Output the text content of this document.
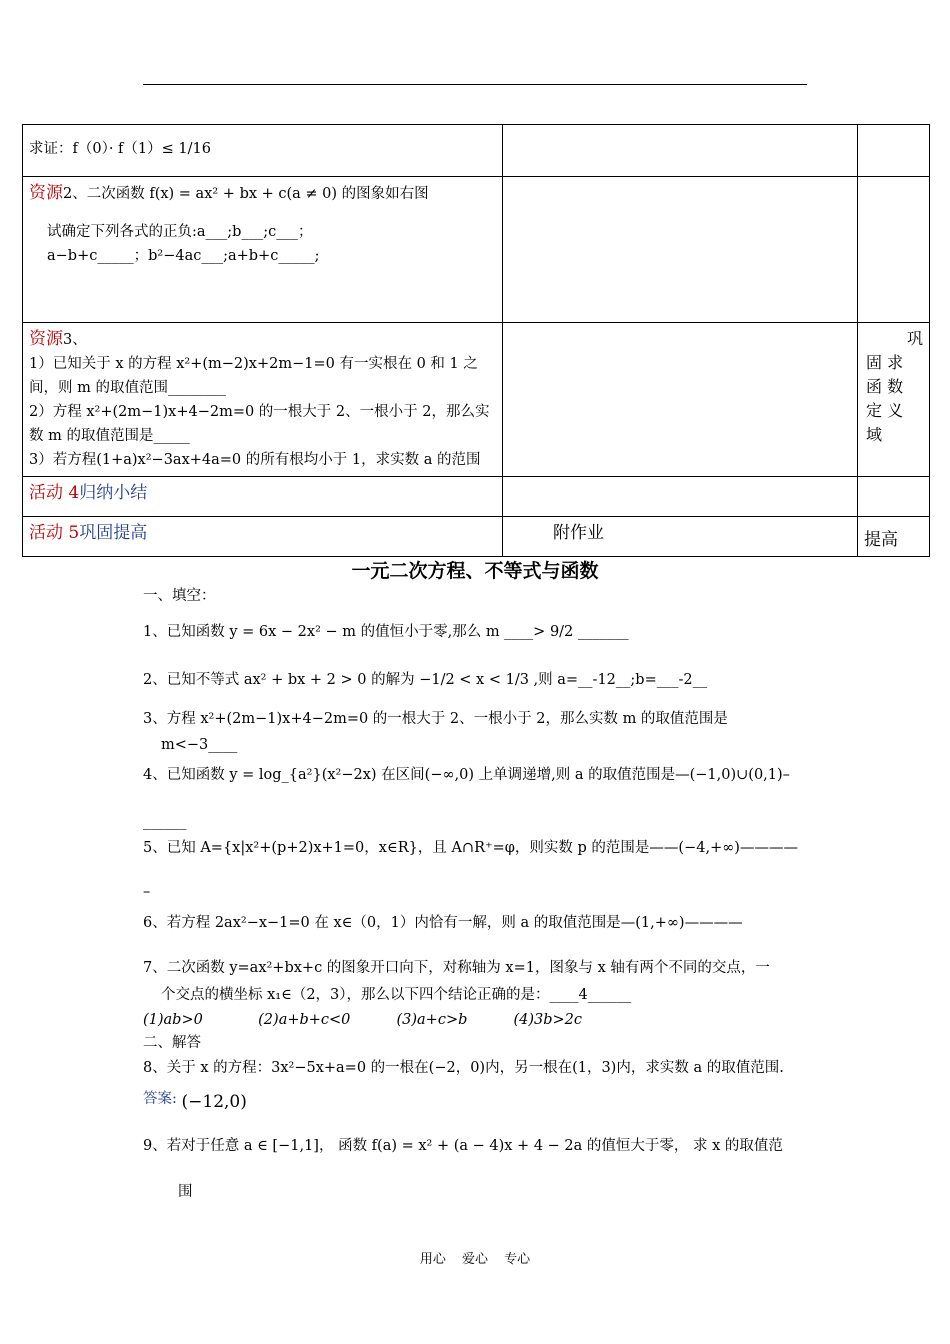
求证：f（0）· f（1）≤ 1/16		

资源2、二次函数 f(x) = ax² + bx + c(a ≠ 0) 的图象如右图
试确定下列各式的正负:a___;b___;c___；
a−b+c_____；b²−4ac___;a+b+c_____;		

资源3、
1）已知关于 x 的方程 x²+(m−2)x+2m−1=0 有一实根在 0 和 1 之间，则 m 的取值范围________
2）方程 x²+(2m−1)x+4−2m=0 的一根大于 2、一根小于 2，那么实数 m 的取值范围是_____
3）若方程(1+a)x²−3ax+4a=0 的所有根均小于 1，求实数 a 的范围		巩
固 求
函 数
定 义
域

活动 4归纳小结		
活动 5巩固提高	附作业	提高
一元二次方程、不等式与函数
一、填空：
1、已知函数 y = 6x − 2x² − m 的值恒小于零,那么 m ____> 9/2 _______
2、已知不等式 ax² + bx + 2 > 0 的解为 −1/2 < x < 1/3 ,则 a=__-12__;b=___-2__
3、方程 x²+(2m−1)x+4−2m=0 的一根大于 2、一根小于 2，那么实数 m 的取值范围是
m<−3____
4、已知函数 y = log_{a²}(x²−2x) 在区间(−∞,0) 上单调递增,则 a 的取值范围是—(−1,0)∪(0,1)–
______
5、已知 A={x|x²+(p+2)x+1=0，x∈R}，且 A∩R⁺=φ，则实数 p 的范围是——(−4,+∞)————
–
6、若方程 2ax²−x−1=0 在 x∈（0，1）内恰有一解，则 a 的取值范围是—(1,+∞)————
7、二次函数 y=ax²+bx+c 的图象开口向下，对称轴为 x=1，图象与 x 轴有两个不同的交点，一
个交点的横坐标 x₁∈（2，3），那么以下四个结论正确的是：____4______
(1)ab>0            (2)a+b+c<0          (3)a+c>b          (4)3b>2c
二、解答
8、关于 x 的方程：3x²−5x+a=0 的一根在(−2，0)内，另一根在(1，3)内，求实数 a 的取值范围.
答案: (−12,0)
9、若对于任意 a ∈ [−1,1]， 函数 f(a) = x² + (a − 4)x + 4 − 2a 的值恒大于零， 求 x 的取值范
围
用心 爱心 专心
